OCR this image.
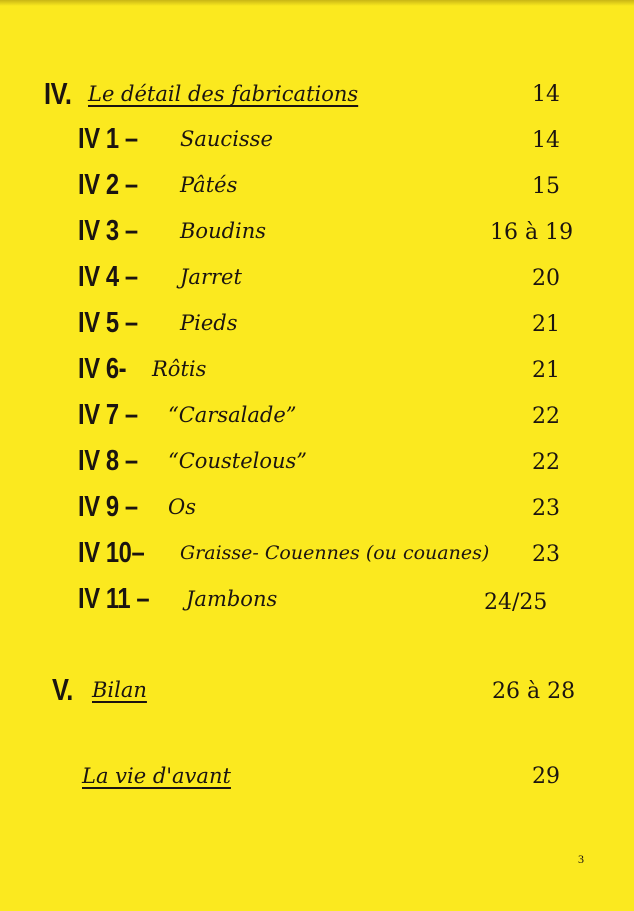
IV. Le détail des fabrications	14
IV 1 –	Saucisse	14
IV 2 –	Pâtés	15
IV 3 –	Boudins	16 à 19
IV 4 –	Jarret	20
IV 5 –	Pieds	21
IV 6-	Rôtis	21
IV 7 –	“Carsalade”	22
IV 8 –	“Coustelous”	22
IV 9 –	Os	23
IV 10–	Graisse- Couennes (ou couanes) 23
IV 11 –	Jambons	24/25
V. Bilan	26 à 28
La vie d'avant	29
3
